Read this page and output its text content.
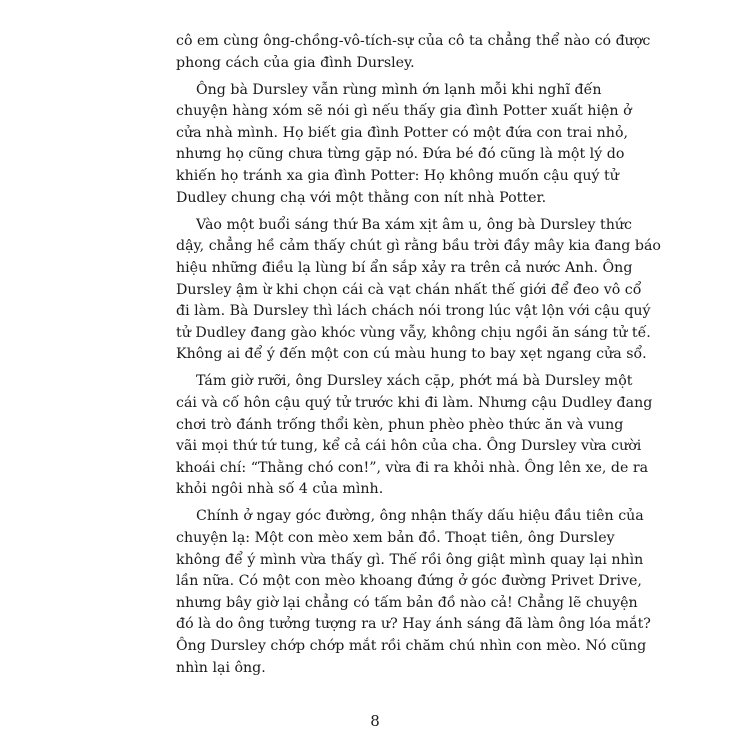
cô em cùng ông-chồng-vô-tích-sự của cô ta chẳng thể nào có được
phong cách của gia đình Dursley.
Ông bà Dursley vẫn rùng mình ớn lạnh mỗi khi nghĩ đến
chuyện hàng xóm sẽ nói gì nếu thấy gia đình Potter xuất hiện ở
cửa nhà mình. Họ biết gia đình Potter có một đứa con trai nhỏ,
nhưng họ cũng chưa từng gặp nó. Đứa bé đó cũng là một lý do
khiến họ tránh xa gia đình Potter: Họ không muốn cậu quý tử
Dudley chung chạ với một thằng con nít nhà Potter.
Vào một buổi sáng thứ Ba xám xịt âm u, ông bà Dursley thức
dậy, chẳng hề cảm thấy chút gì rằng bầu trời đầy mây kia đang báo
hiệu những điều lạ lùng bí ẩn sắp xảy ra trên cả nước Anh. Ông
Dursley ậm ừ khi chọn cái cà vạt chán nhất thế giới để đeo vô cổ
đi làm. Bà Dursley thì lách chách nói trong lúc vật lộn với cậu quý
tử Dudley đang gào khóc vùng vẫy, không chịu ngồi ăn sáng tử tế.
Không ai để ý đến một con cú màu hung to bay xẹt ngang cửa sổ.
Tám giờ rưỡi, ông Dursley xách cặp, phớt má bà Dursley một
cái và cố hôn cậu quý tử trước khi đi làm. Nhưng cậu Dudley đang
chơi trò đánh trống thổi kèn, phun phèo phèo thức ăn và vung
vãi mọi thứ tứ tung, kể cả cái hôn của cha. Ông Dursley vừa cười
khoái chí: “Thằng chó con!”, vừa đi ra khỏi nhà. Ông lên xe, de ra
khỏi ngôi nhà số 4 của mình.
Chính ở ngay góc đường, ông nhận thấy dấu hiệu đầu tiên của
chuyện lạ: Một con mèo xem bản đồ. Thoạt tiên, ông Dursley
không để ý mình vừa thấy gì. Thế rồi ông giật mình quay lại nhìn
lần nữa. Có một con mèo khoang đứng ở góc đường Privet Drive,
nhưng bây giờ lại chẳng có tấm bản đồ nào cả! Chẳng lẽ chuyện
đó là do ông tưởng tượng ra ư? Hay ánh sáng đã làm ông lóa mắt?
Ông Dursley chớp chớp mắt rồi chăm chú nhìn con mèo. Nó cũng
nhìn lại ông.
8
